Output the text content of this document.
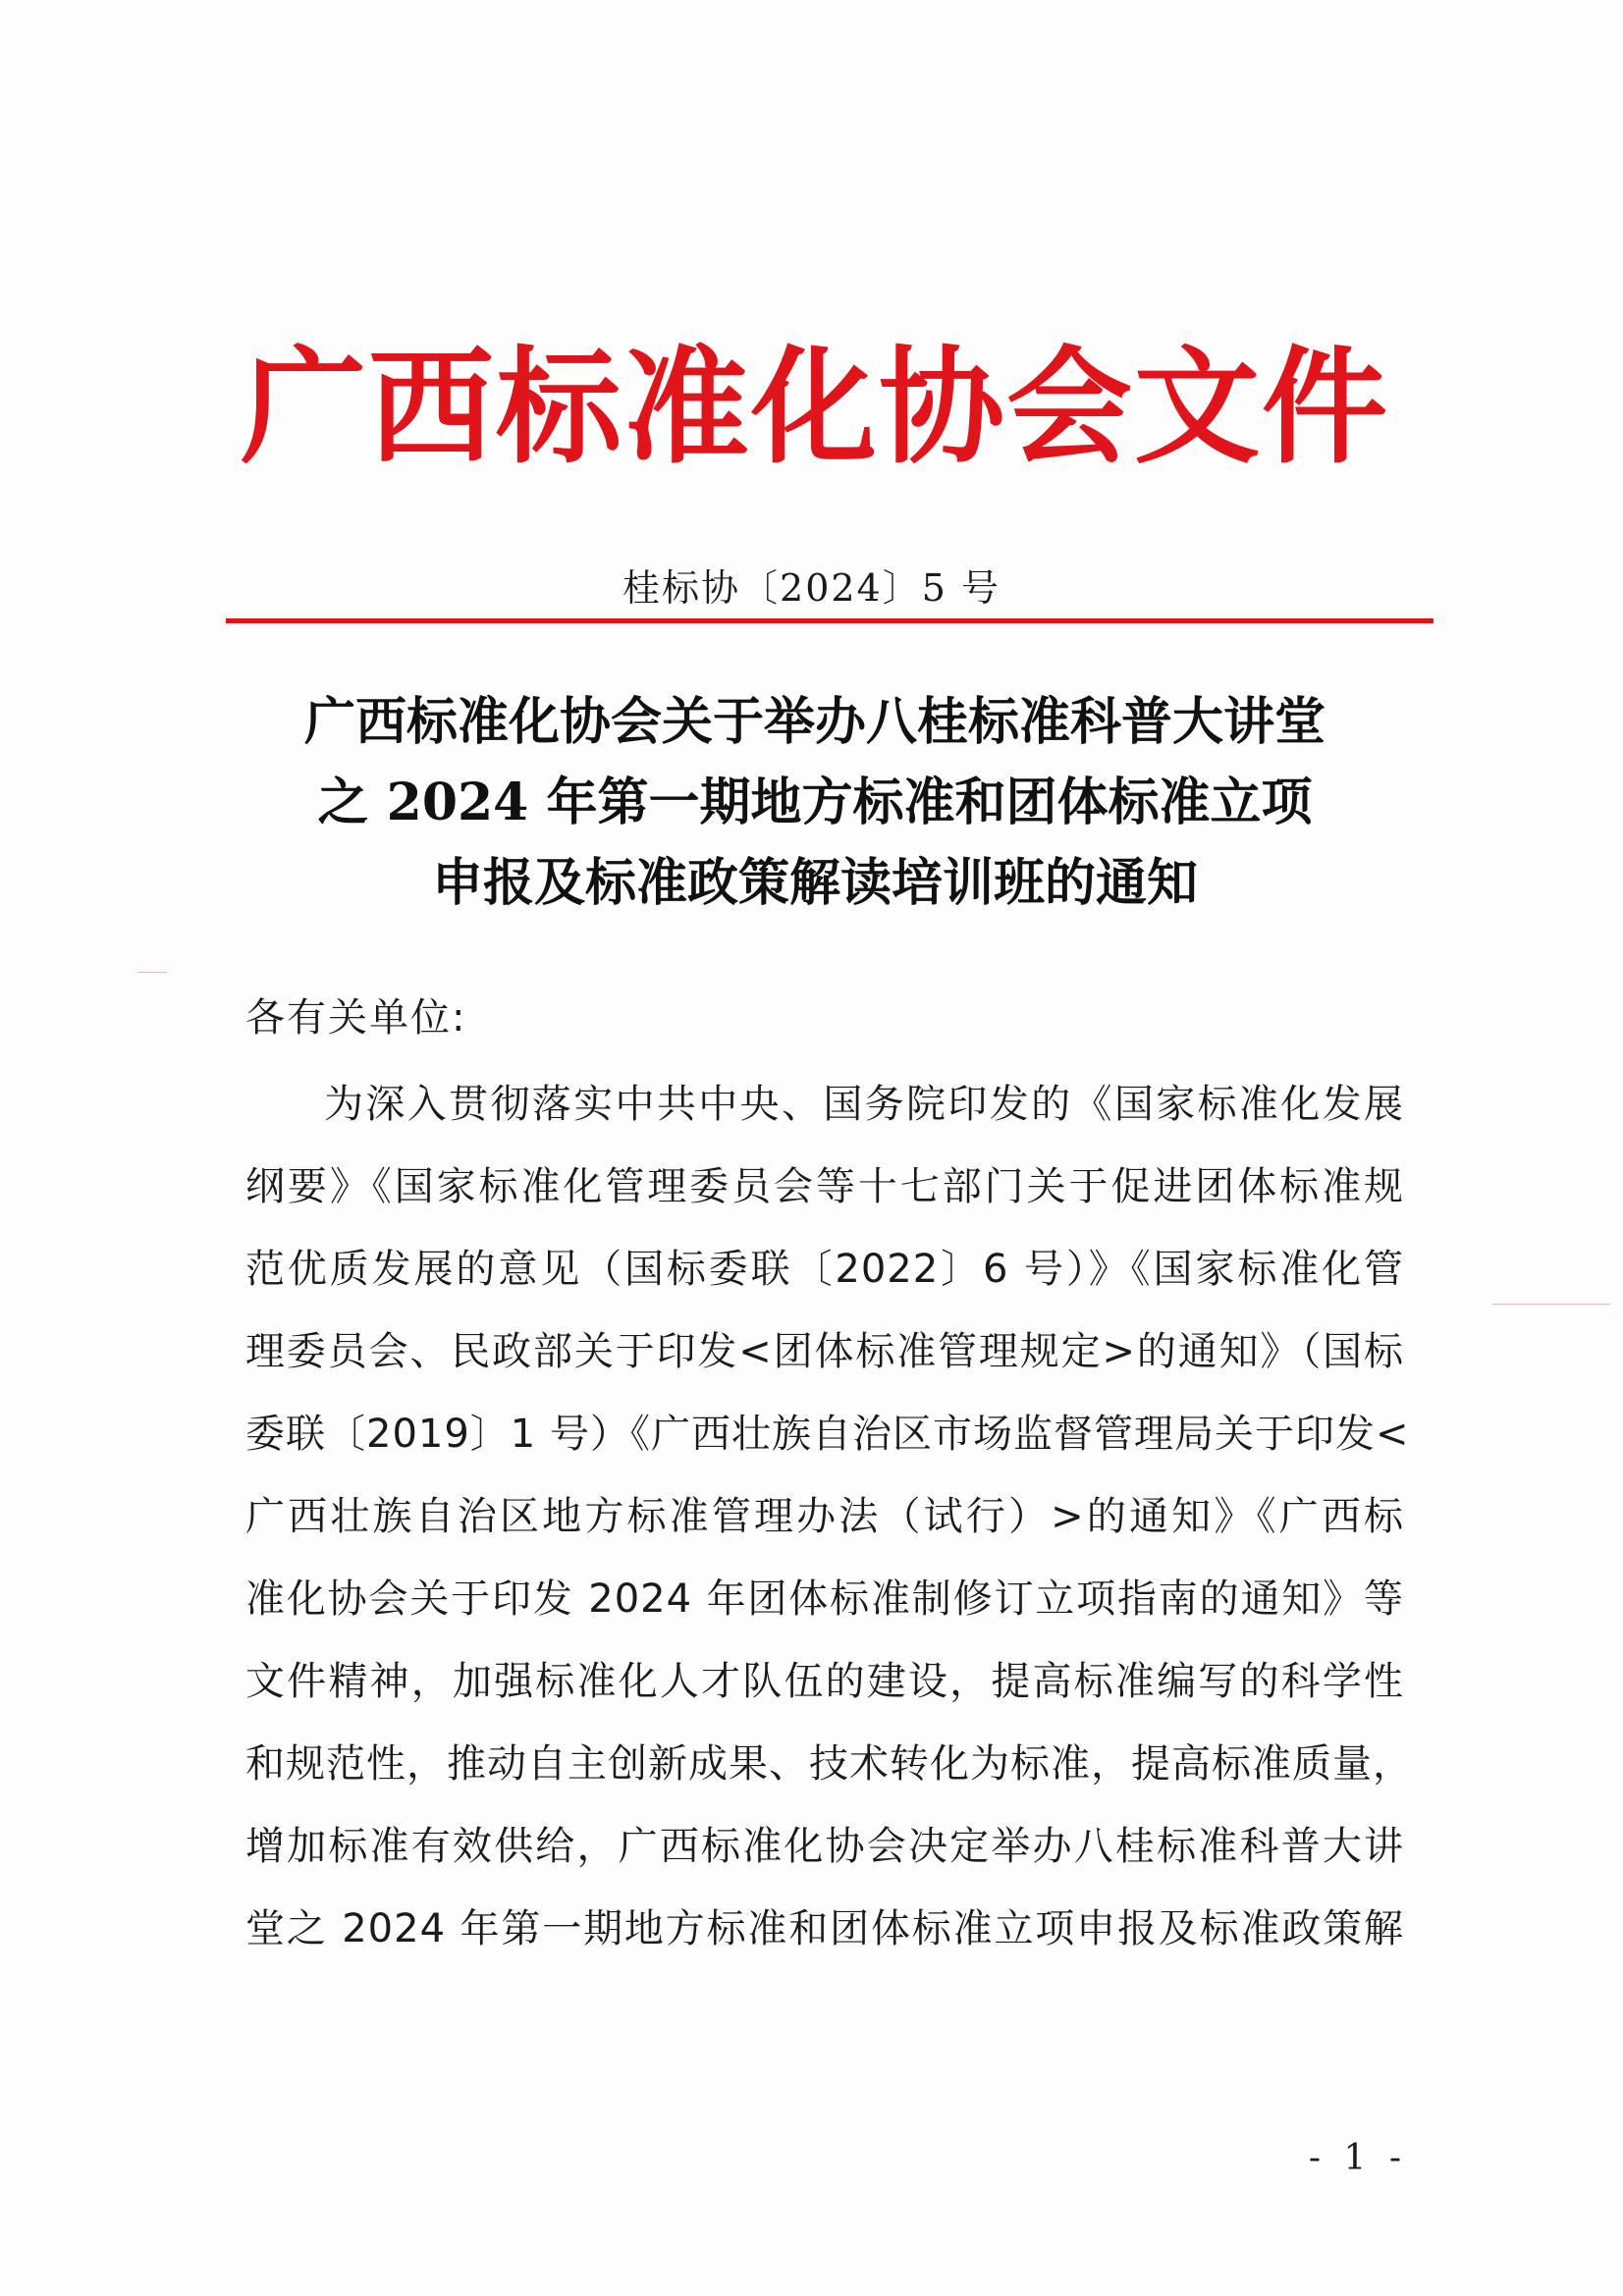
广西标准化协会文件
桂标协〔2024〕5 号
广西标准化协会关于举办八桂标准科普大讲堂
之 2024 年第一期地方标准和团体标准立项
申报及标准政策解读培训班的通知
各有关单位:
为深入贯彻落实中共中央、国务院印发的《国家标准化发展
纲要》《国家标准化管理委员会等十七部门关于促进团体标准规
范优质发展的意见（国标委联〔2022〕6 号）》《国家标准化管
理委员会、民政部关于印发<团体标准管理规定>的通知》（国标
委联〔2019〕1 号）《广西壮族自治区市场监督管理局关于印发<
广西壮族自治区地方标准管理办法（试行）>的通知》《广西标
准化协会关于印发 2024 年团体标准制修订立项指南的通知》等
文件精神，加强标准化人才队伍的建设，提高标准编写的科学性
和规范性，推动自主创新成果、技术转化为标准，提高标准质量，
增加标准有效供给，广西标准化协会决定举办八桂标准科普大讲
堂之 2024 年第一期地方标准和团体标准立项申报及标准政策解
- 1 -
